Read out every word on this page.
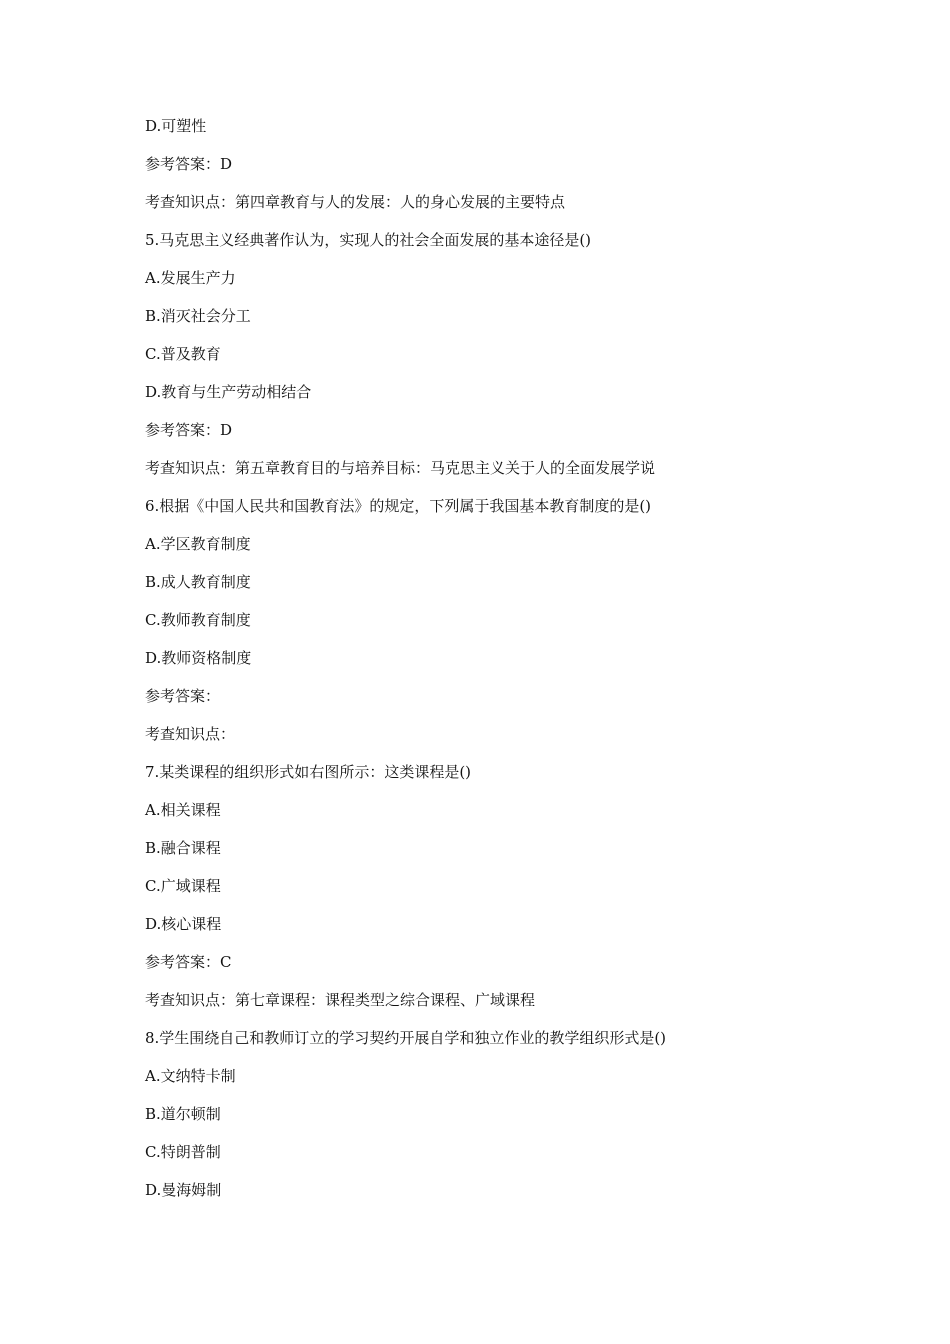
D.可塑性
参考答案：D
考查知识点：第四章教育与人的发展：人的身心发展的主要特点
5.马克思主义经典著作认为，实现人的社会全面发展的基本途径是()
A.发展生产力
B.消灭社会分工
C.普及教育
D.教育与生产劳动相结合
参考答案：D
考查知识点：第五章教育目的与培养目标：马克思主义关于人的全面发展学说
6.根据《中国人民共和国教育法》的规定，下列属于我国基本教育制度的是()
A.学区教育制度
B.成人教育制度
C.教师教育制度
D.教师资格制度
参考答案：
考查知识点：
7.某类课程的组织形式如右图所示：这类课程是()
A.相关课程
B.融合课程
C.广域课程
D.核心课程
参考答案：C
考查知识点：第七章课程：课程类型之综合课程、广域课程
8.学生围绕自己和教师订立的学习契约开展自学和独立作业的教学组织形式是()
A.文纳特卡制
B.道尔顿制
C.特朗普制
D.曼海姆制
